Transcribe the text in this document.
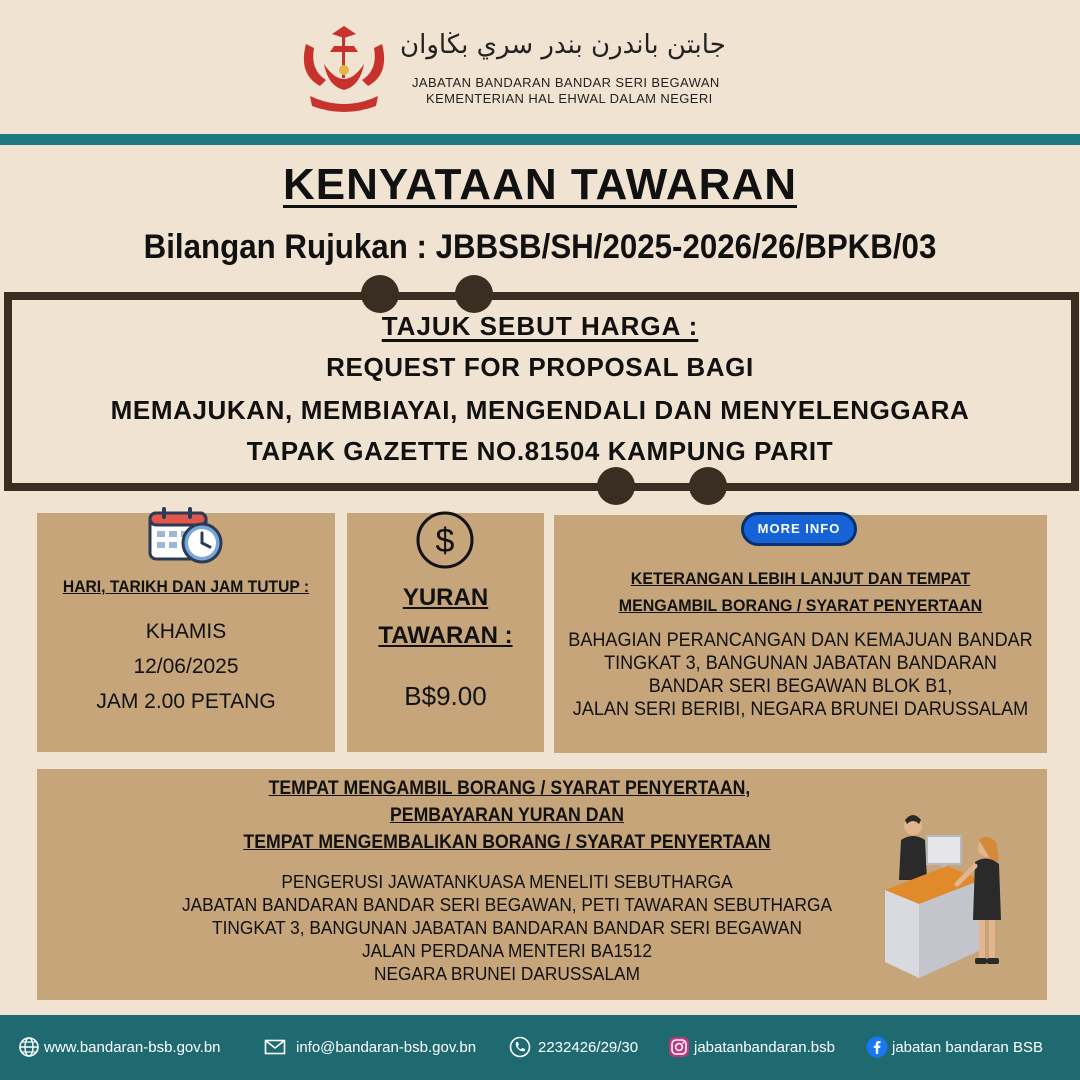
جابتن باندرن بندر سري بڬاوان
JABATAN BANDARAN BANDAR SERI BEGAWAN
KEMENTERIAN HAL EHWAL DALAM NEGERI
KENYATAAN TAWARAN
Bilangan Rujukan : JBBSB/SH/2025-2026/26/BPKB/03
TAJUK SEBUT HARGA :
REQUEST FOR PROPOSAL BAGI
MEMAJUKAN, MEMBIAYAI, MENGENDALI DAN MENYELENGGARA
TAPAK GAZETTE NO.81504 KAMPUNG PARIT
HARI, TARIKH DAN JAM TUTUP :
KHAMIS
12/06/2025
JAM 2.00 PETANG
$
YURAN
TAWARAN :
B$9.00
MORE INFO
KETERANGAN LEBIH LANJUT DAN TEMPAT
MENGAMBIL BORANG / SYARAT PENYERTAAN
BAHAGIAN PERANCANGAN DAN KEMAJUAN BANDAR
TINGKAT 3, BANGUNAN JABATAN BANDARAN
BANDAR SERI BEGAWAN BLOK B1,
JALAN SERI BERIBI, NEGARA BRUNEI DARUSSALAM
TEMPAT MENGAMBIL BORANG / SYARAT PENYERTAAN,
PEMBAYARAN YURAN DAN
TEMPAT MENGEMBALIKAN BORANG / SYARAT PENYERTAAN
PENGERUSI JAWATANKUASA MENELITI SEBUTHARGA
JABATAN BANDARAN BANDAR SERI BEGAWAN, PETI TAWARAN SEBUTHARGA
TINGKAT 3, BANGUNAN JABATAN BANDARAN BANDAR SERI BEGAWAN
JALAN PERDANA MENTERI BA1512
NEGARA BRUNEI DARUSSALAM
www.bandaran-bsb.gov.bn	info@bandaran-bsb.gov.bn	2232426/29/30	jabatanbandaran.bsb	jabatan bandaran BSB
